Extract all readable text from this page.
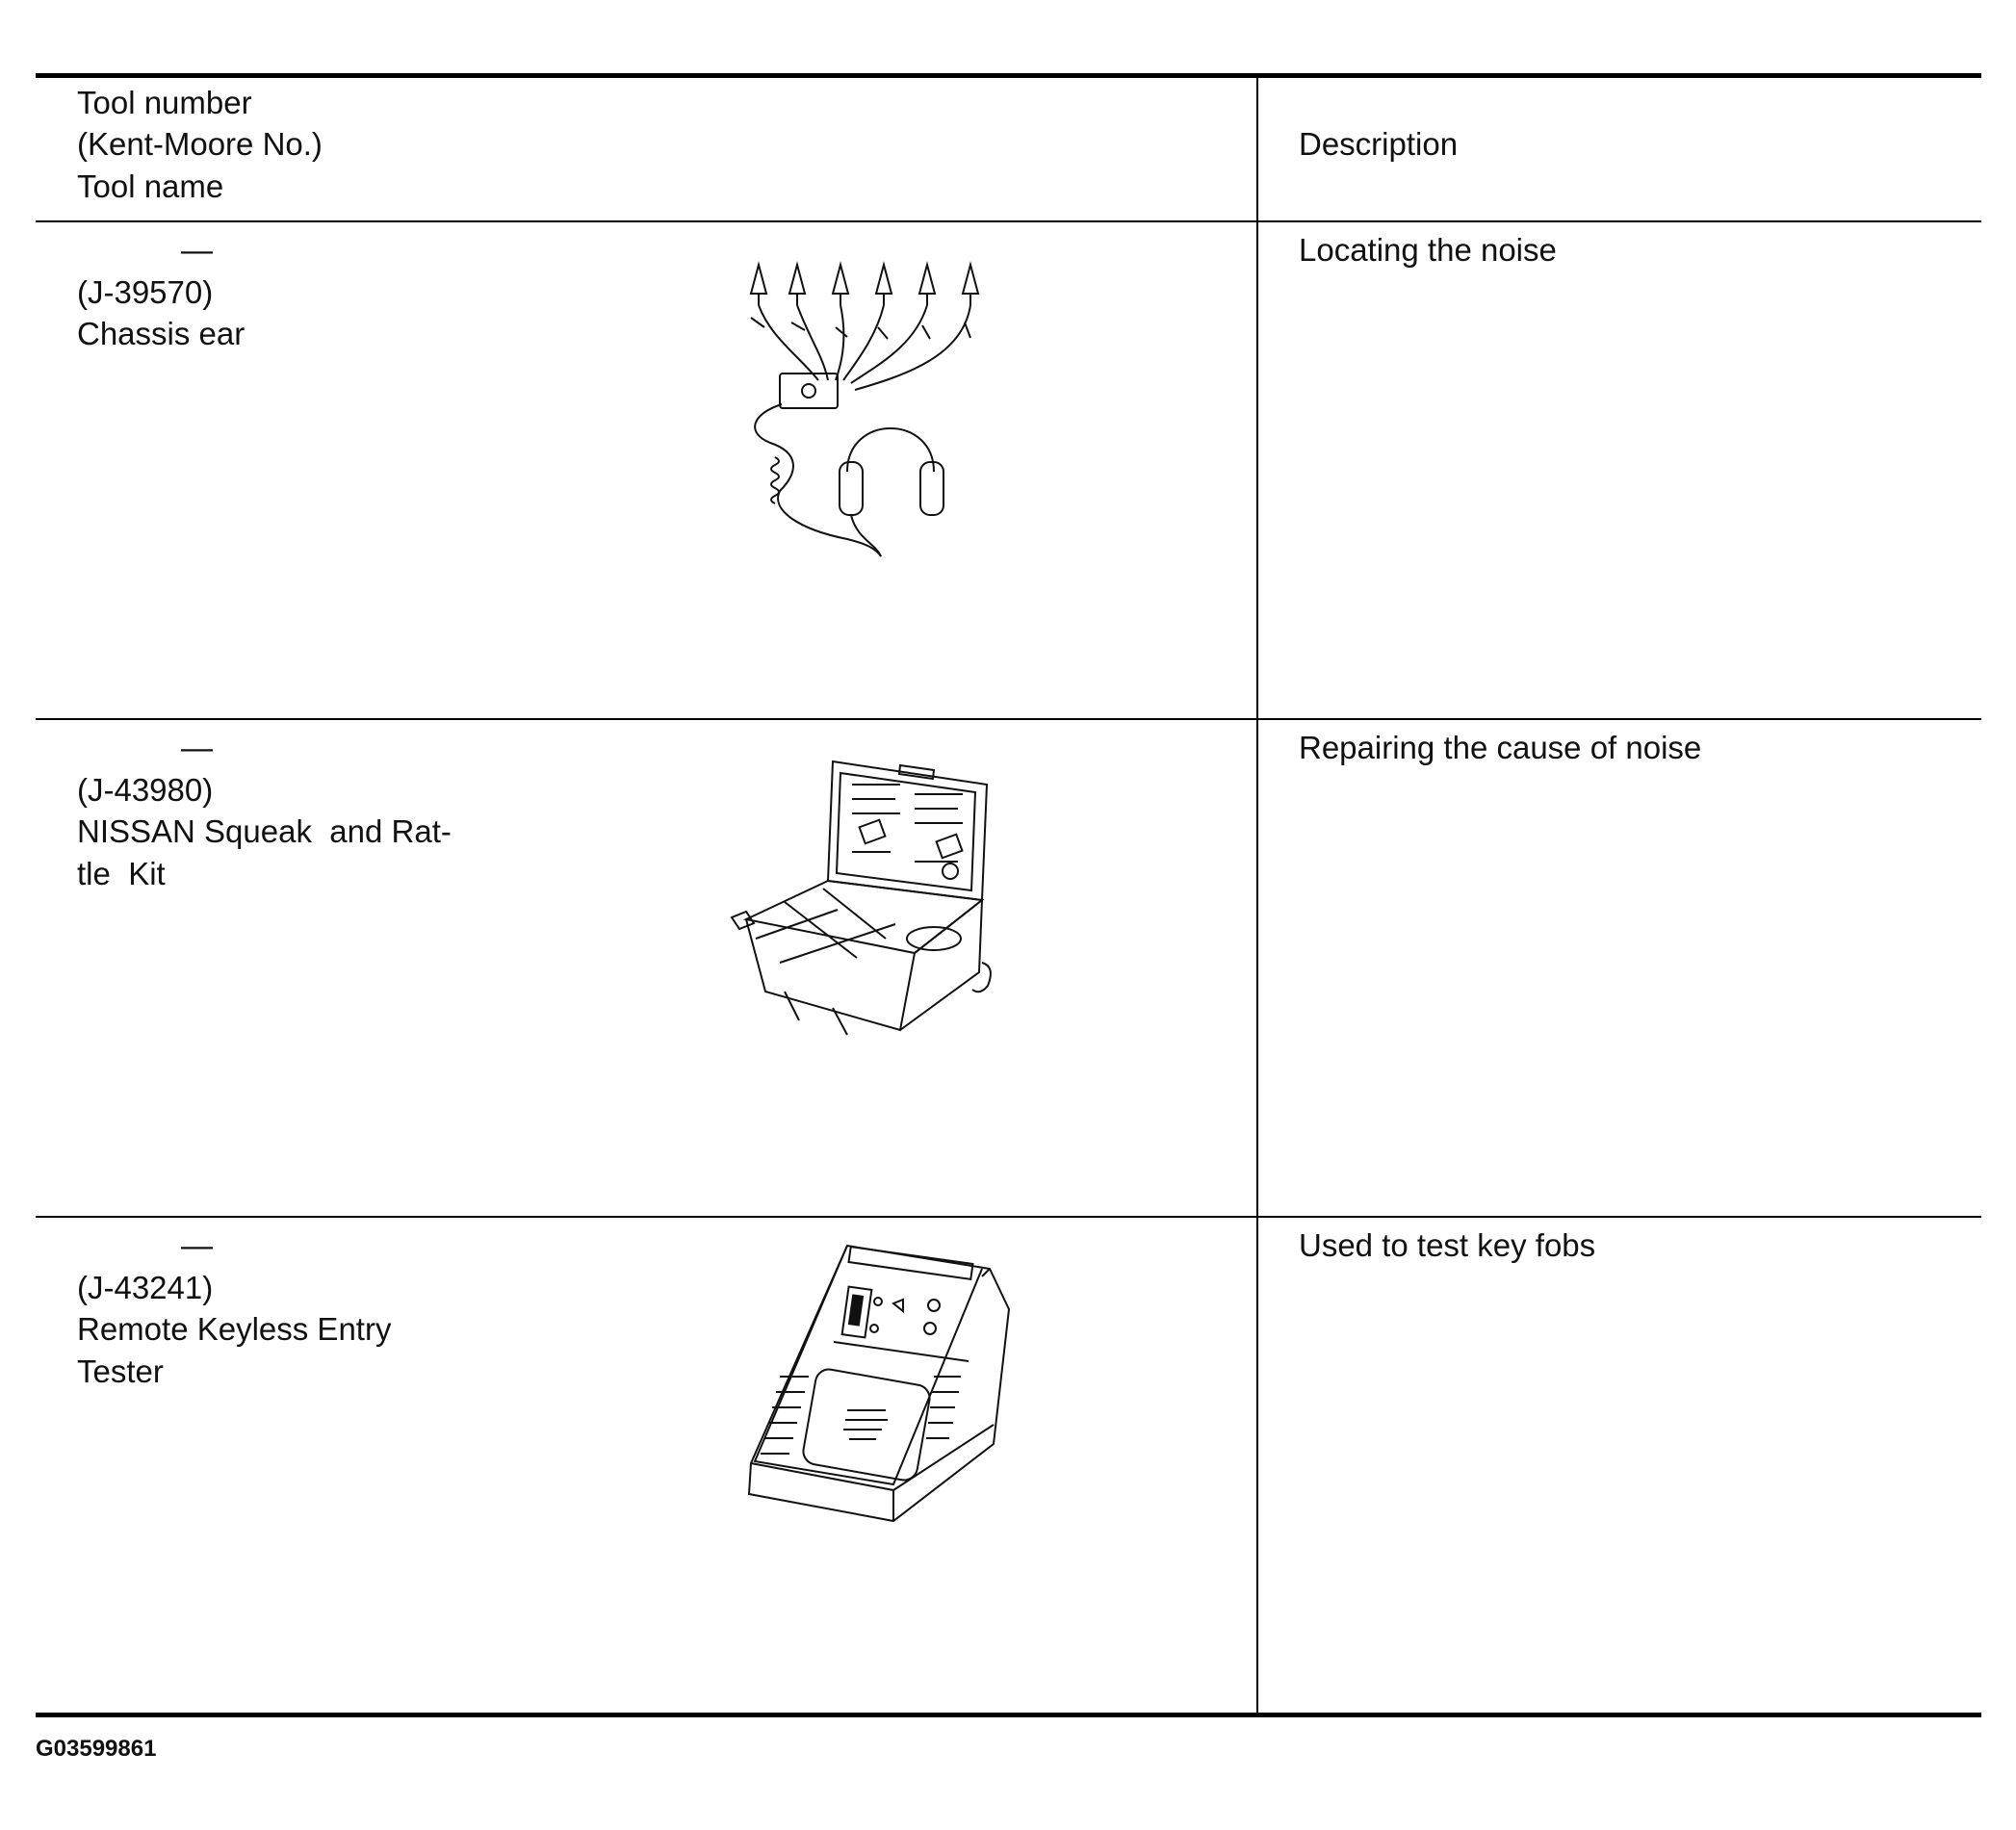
Tool number
(Kent-Moore No.)
Tool name
Description
—
(J-39570)
Chassis ear
Locating the noise
—
(J-43980)
NISSAN Squeak  and Rat-
tle  Kit
Repairing the cause of noise
—
(J-43241)
Remote Keyless Entry
Tester
Used to test key fobs
G03599861
